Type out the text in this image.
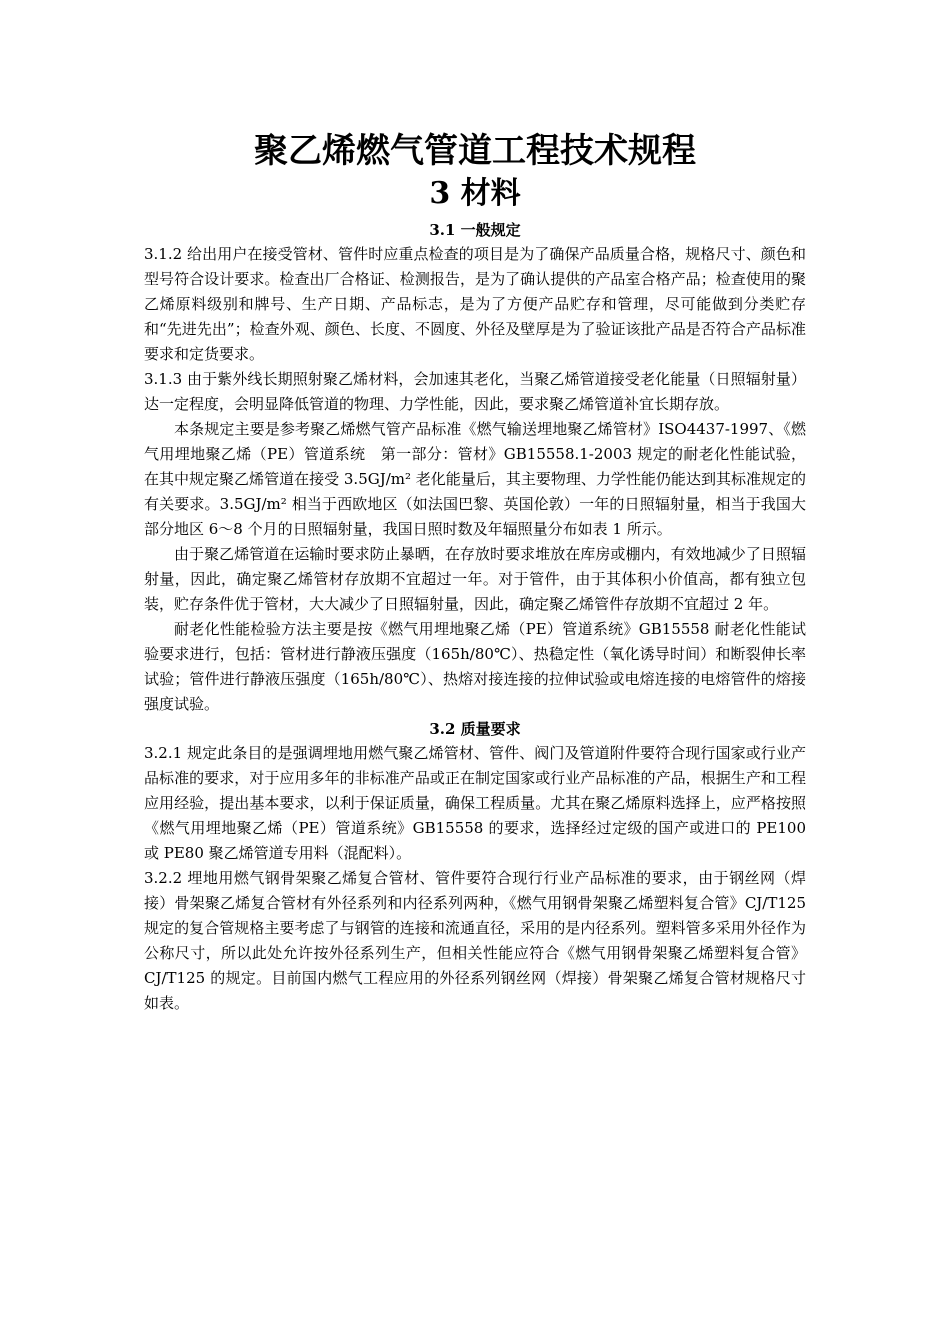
聚乙烯燃气管道工程技术规程
3 材料
3.1 一般规定

3.1.2 给出用户在接受管材、管件时应重点检查的项目是为了确保产品质量合格，规格尺寸、颜色和型号符合设计要求。检查出厂合格证、检测报告，是为了确认提供的产品室合格产品；检查使用的聚乙烯原料级别和牌号、生产日期、产品标志，是为了方便产品贮存和管理，尽可能做到分类贮存和“先进先出”；检查外观、颜色、长度、不圆度、外径及壁厚是为了验证该批产品是否符合产品标准要求和定货要求。

3.1.3 由于紫外线长期照射聚乙烯材料，会加速其老化，当聚乙烯管道接受老化能量（日照辐射量）达一定程度，会明显降低管道的物理、力学性能，因此，要求聚乙烯管道补宜长期存放。

本条规定主要是参考聚乙烯燃气管产品标准《燃气输送埋地聚乙烯管材》ISO4437-1997、《燃气用埋地聚乙烯（PE）管道系统　第一部分：管材》GB15558.1-2003 规定的耐老化性能试验，在其中规定聚乙烯管道在接受 3.5GJ/m² 老化能量后，其主要物理、力学性能仍能达到其标准规定的有关要求。3.5GJ/m² 相当于西欧地区（如法国巴黎、英国伦敦）一年的日照辐射量，相当于我国大部分地区 6～8 个月的日照辐射量，我国日照时数及年辐照量分布如表 1 所示。

由于聚乙烯管道在运输时要求防止暴晒，在存放时要求堆放在库房或棚内，有效地减少了日照辐射量，因此，确定聚乙烯管材存放期不宜超过一年。对于管件，由于其体积小价值高，都有独立包装，贮存条件优于管材，大大减少了日照辐射量，因此，确定聚乙烯管件存放期不宜超过 2 年。

耐老化性能检验方法主要是按《燃气用埋地聚乙烯（PE）管道系统》GB15558 耐老化性能试验要求进行，包括：管材进行静液压强度（165h/80℃）、热稳定性（氧化诱导时间）和断裂伸长率试验；管件进行静液压强度（165h/80℃）、热熔对接连接的拉伸试验或电熔连接的电熔管件的熔接强度试验。

3.2 质量要求

3.2.1 规定此条目的是强调埋地用燃气聚乙烯管材、管件、阀门及管道附件要符合现行国家或行业产品标准的要求，对于应用多年的非标准产品或正在制定国家或行业产品标准的产品，根据生产和工程应用经验，提出基本要求，以利于保证质量，确保工程质量。尤其在聚乙烯原料选择上，应严格按照《燃气用埋地聚乙烯（PE）管道系统》GB15558 的要求，选择经过定级的国产或进口的 PE100 或 PE80 聚乙烯管道专用料（混配料）。

3.2.2 埋地用燃气钢骨架聚乙烯复合管材、管件要符合现行行业产品标准的要求，由于钢丝网（焊接）骨架聚乙烯复合管材有外径系列和内径系列两种，《燃气用钢骨架聚乙烯塑料复合管》CJ/T125 规定的复合管规格主要考虑了与钢管的连接和流通直径，采用的是内径系列。塑料管多采用外径作为公称尺寸，所以此处允许按外径系列生产，但相关性能应符合《燃气用钢骨架聚乙烯塑料复合管》CJ/T125 的规定。目前国内燃气工程应用的外径系列钢丝网（焊接）骨架聚乙烯复合管材规格尺寸如表。
